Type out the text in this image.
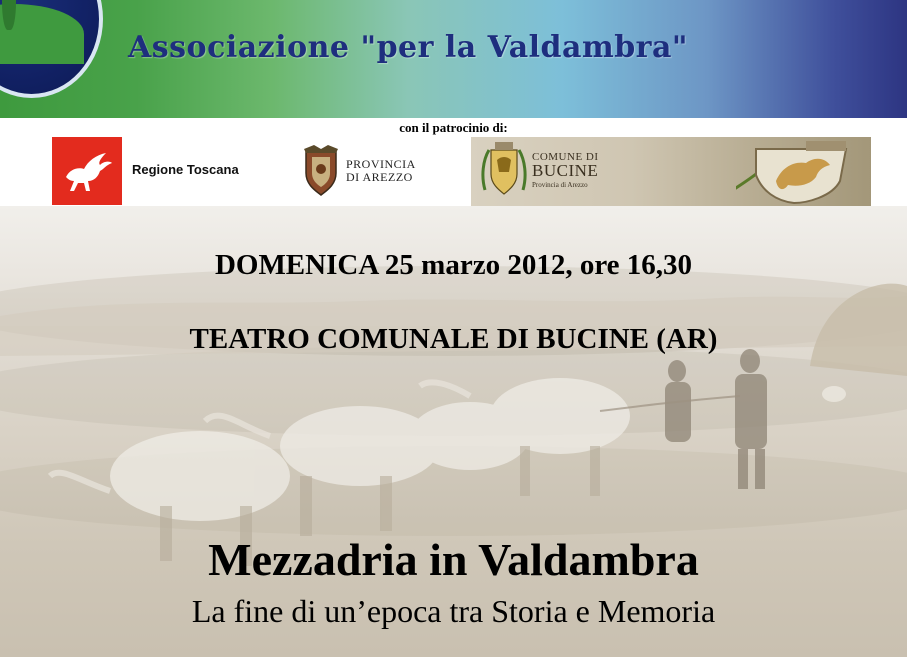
Associazione "per la Valdambra"
con il patrocinio di:
Regione Toscana	PROVINCIA
DI AREZZO
COMUNE DI
BUCINE
Provincia di Arezzo
DOMENICA 25 marzo 2012, ore 16,30
TEATRO COMUNALE DI BUCINE (AR)
Mezzadria in Valdambra
La fine di un’epoca tra Storia e Memoria
